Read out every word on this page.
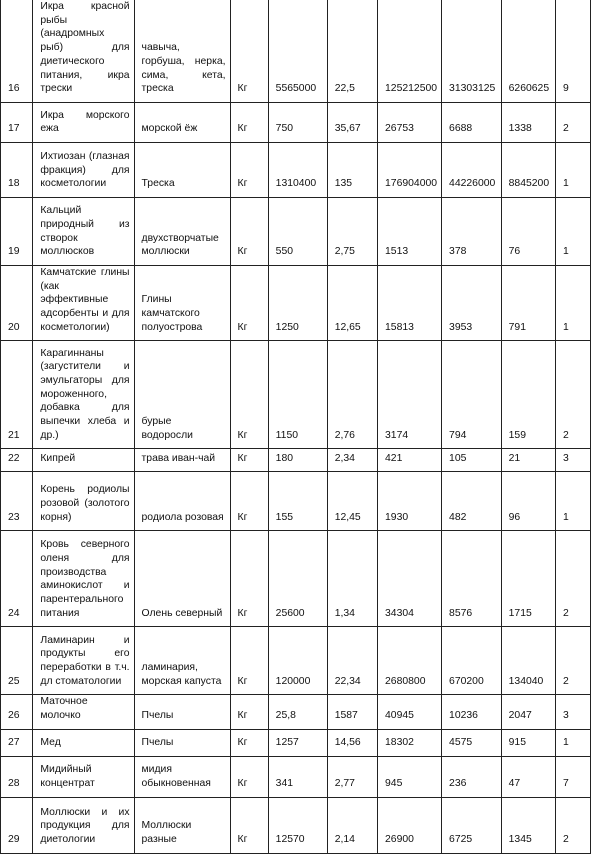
16	Икра красной рыбы (анадромных рыб) для диетического питания, икра трески	чавыча, горбуша, нерка, сима, кета, треска	Кг	5565000	22,5	125212500	31303125	6260625	9
17	Икра морского ежа	морской ёж	Кг	750	35,67	26753	6688	1338	2
18	Ихтиозан (глазная фракция) для косметологии	Треска	Кг	1310400	135	176904000	44226000	8845200	1
19	Кальций природный из створок моллюсков	двухстворчатые моллюски	Кг	550	2,75	1513	378	76	1
20	Камчатские глины (как эффективные адсорбенты и для косметологии)	Глины камчатского полуострова	Кг	1250	12,65	15813	3953	791	1
21	Карагиннаны (загустители и эмульгаторы для мороженного, добавка для выпечки хлеба и др.)	бурые водоросли	Кг	1150	2,76	3174	794	159	2
22	Кипрей	трава иван-чай	Кг	180	2,34	421	105	21	3
23	Корень родиолы розовой (золотого корня)	родиола розовая	Кг	155	12,45	1930	482	96	1
24	Кровь северного оленя для производства аминокислот и парентерального питания	Олень северный	Кг	25600	1,34	34304	8576	1715	2
25	Ламинарин и продукты его переработки в т.ч. дл стоматологии	ламинария, морская капуста	Кг	120000	22,34	2680800	670200	134040	2
26	Маточное молочко	Пчелы	Кг	25,8	1587	40945	10236	2047	3
27	Мед	Пчелы	Кг	1257	14,56	18302	4575	915	1
28	Мидийный концентрат	мидия обыкновенная	Кг	341	2,77	945	236	47	7
29	Моллюски и их продукция для диетологии	Моллюски разные	Кг	12570	2,14	26900	6725	1345	2
